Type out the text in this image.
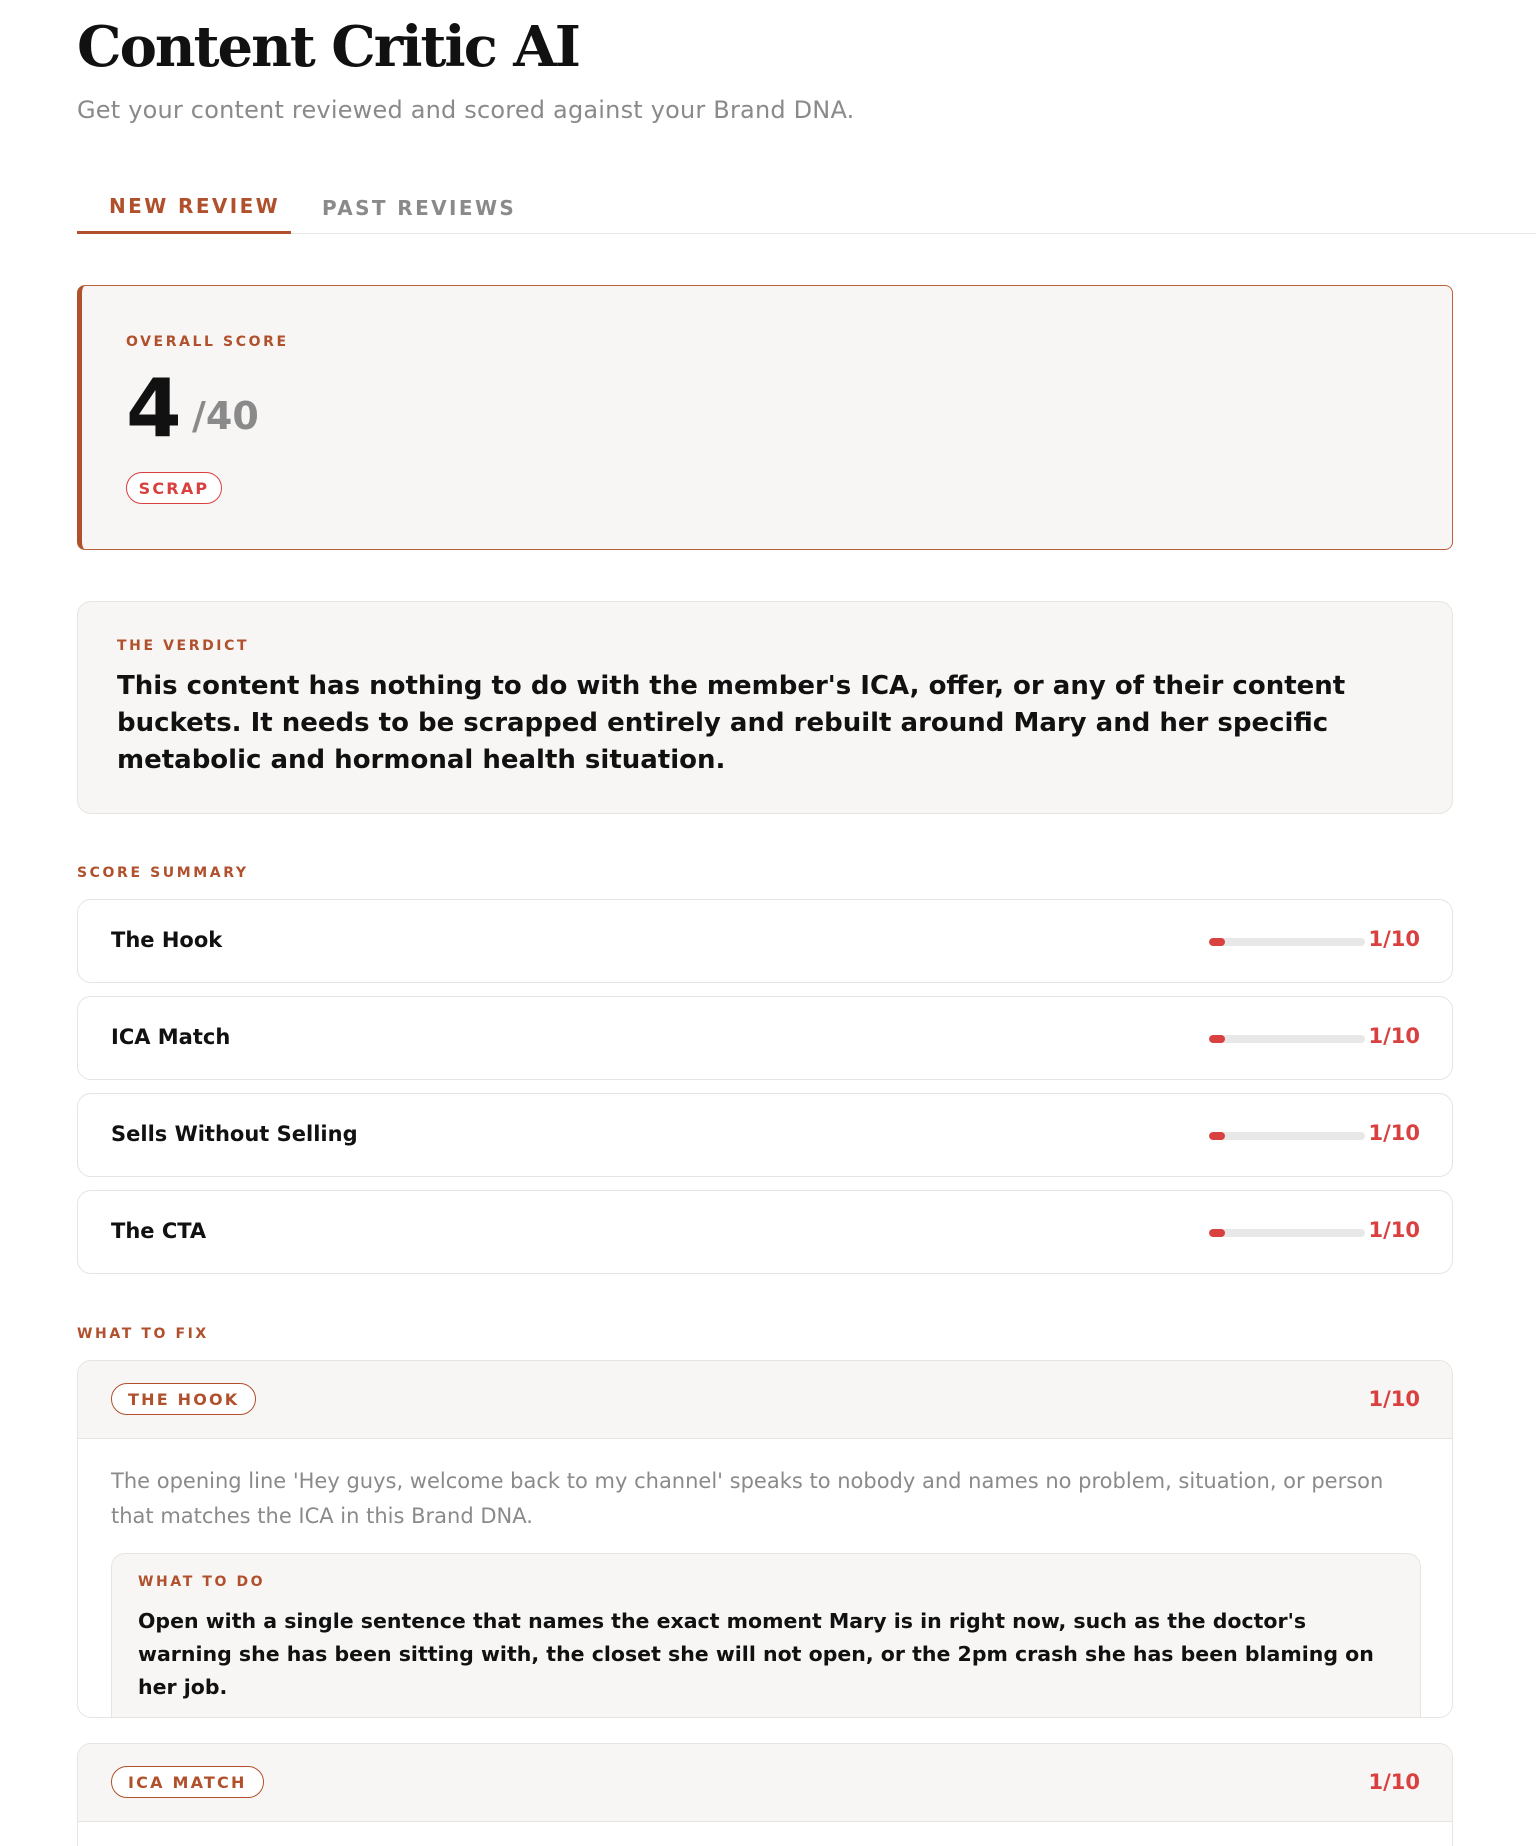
Content Critic AI

Get your content reviewed and scored against your Brand DNA.

NEW REVIEW	PAST REVIEWS
OVERALL SCORE
4 /40
SCRAP
THE VERDICT
This content has nothing to do with the member's ICA, offer, or any of their content buckets. It needs to be scrapped entirely and rebuilt around Mary and her specific metabolic and hormonal health situation.
SCORE SUMMARY
The Hook	1/10
ICA Match	1/10
Sells Without Selling	1/10
The CTA	1/10
WHAT TO FIX
THE HOOK	1/10

The opening line 'Hey guys, welcome back to my channel' speaks to nobody and names no problem, situation, or person that matches the ICA in this Brand DNA.

WHAT TO DO

Open with a single sentence that names the exact moment Mary is in right now, such as the doctor's warning she has been sitting with, the closet she will not open, or the 2pm crash she has been blaming on her job.

ICA MATCH	1/10
